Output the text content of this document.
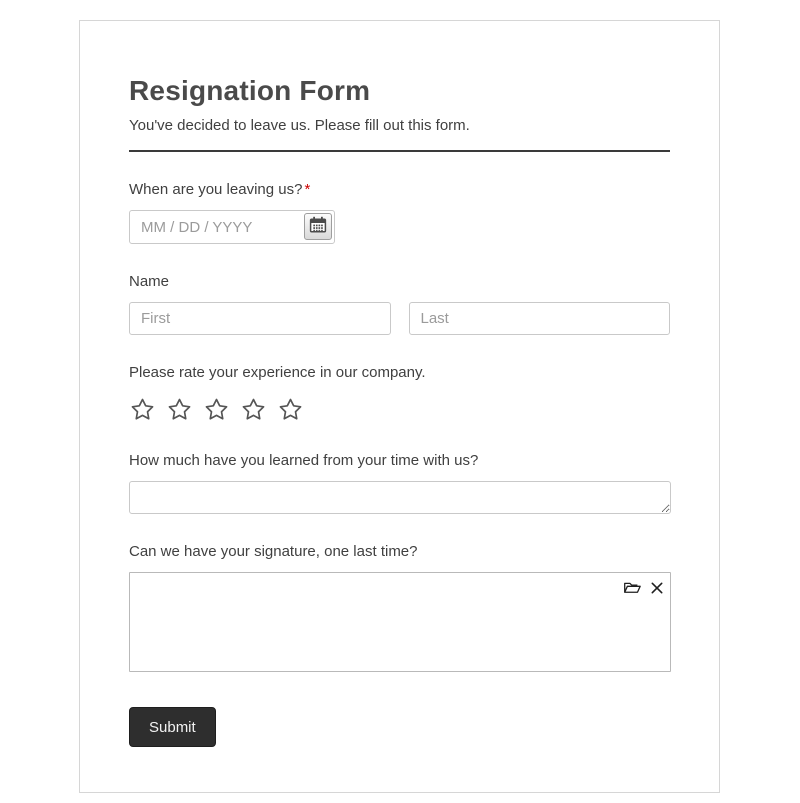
Resignation Form

You've decided to leave us. Please fill out this form.

When are you leaving us? *
MM / DD / YYYY
Name
First
Last
Please rate your experience in our company.
How much have you learned from your time with us?
Can we have your signature, one last time?
Submit
